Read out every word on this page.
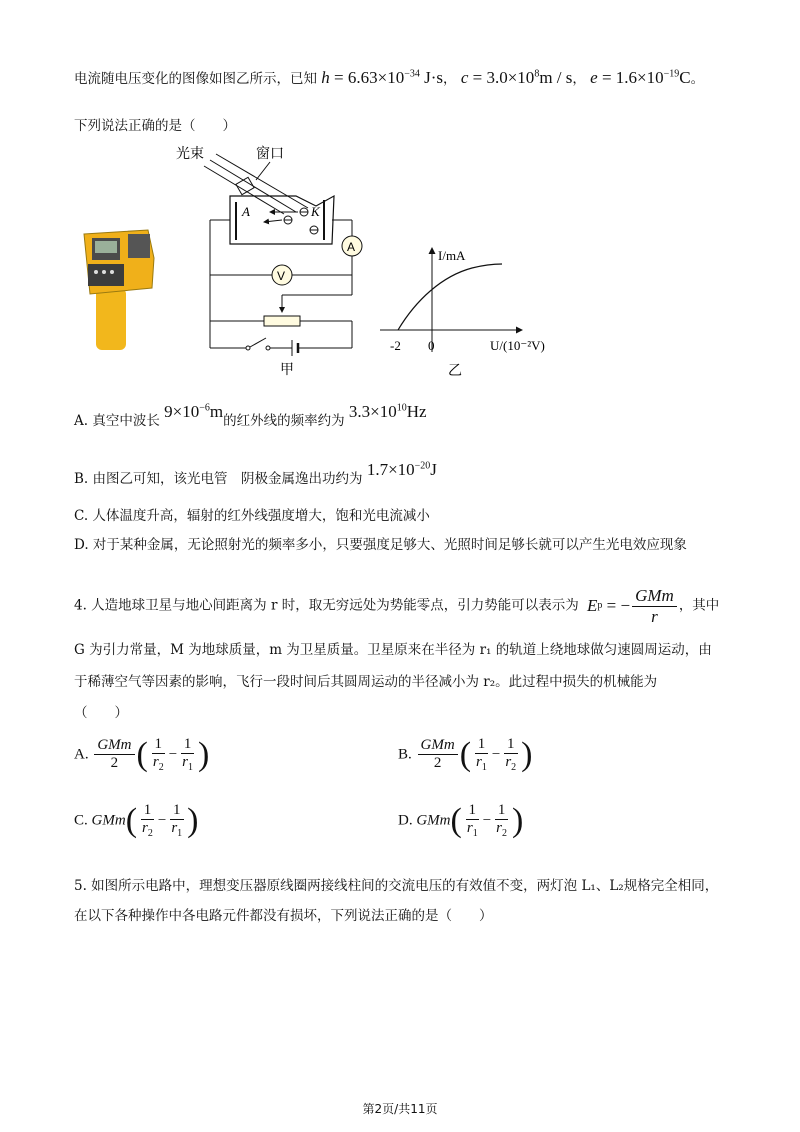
电流随电压变化的图像如图乙所示，已知 $h = 6.63\times 10^{-34}$ J·s， $c = 3.0\times 10^8m / s$， $e = 1.6\times 10^{-19}C$。
下列说法正确的是（　　）
光束	窗口
A	K
A
V
甲
I/mA
U/(10⁻²V)
-2 0
乙
A. 真空中波长 $9\times 10^{-6}m$的红外线的频率约为 $3.3\times 10^{10}Hz$
B. 由图乙可知，该光电管　阴极金属逸出功约为 $1.7\times 10^{-20}J$
C. 人体温度升高，辐射的红外线强度增大，饱和光电流减小
D. 对于某种金属，无论照射光的频率多小，只要强度足够大、光照时间足够长就可以产生光电效应现象
4. 人造地球卫星与地心间距离为 r 时，取无穷远处为势能零点，引力势能可以表示为 E p
= − $\frac{\text{GMm}}{r}$ ，其中
G 为引力常量，M 为地球质量，m 为卫星质量。卫星原来在半径为 r₁ 的轨道上绕地球做匀速圆周运动，由
于稀薄空气等因素的影响，飞行一段时间后其圆周运动的半径减小为 r₂。此过程中损失的机械能为
（　　）
A. $\frac{\text{GMm}}{2}$ ( $\frac{1}{r_2} - \frac{1}{r_1}$ )	B. $\frac{\text{GMm}}{2}$ ( $\frac{1}{r_1} - \frac{1}{r_2}$ )
C. $GMm( \frac{1}{r_2} - \frac{1}{r_1}$ )	D. $GMm( \frac{1}{r_1} - \frac{1}{r_2}$ )
5. 如图所示电路中，理想变压器原线圈两接线柱间的交流电压的有效值不变，两灯泡 L₁、L₂规格完全相同，
在以下各种操作中各电路元件都没有损坏，下列说法正确的是（　　）
第2页/共11页
